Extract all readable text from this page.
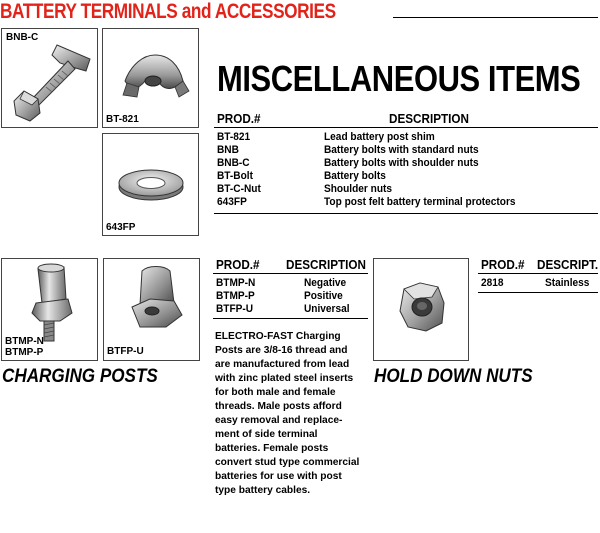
BATTERY TERMINALS and ACCESSORIES
BNB-C
BT-821
643FP
MISCELLANEOUS ITEMS
PROD.#	DESCRIPTION
BT-821	Lead battery post shim
BNB	Battery bolts with standard nuts
BNB-C	Battery bolts with shoulder nuts
BT-Bolt	Battery bolts
BT-C-Nut	Shoulder nuts
643FP	Top post felt battery terminal protectors
BTMP-N
BTMP-P	BTFP-U
PROD.# DESCRIPTION
BTMP-N	Negative
BTMP-P	Positive
BTFP-U	Universal
ELECTRO-FAST Charging
Posts are 3/8-16 thread and
are manufactured from lead
with zinc plated steel inserts
for both male and female
threads. Male posts afford
easy removal and replace-
ment of side terminal
batteries. Female posts
convert stud type commercial
batteries for use with post
type battery cables.
CHARGING POSTS
PROD.# DESCRIPT.
2818	Stainless
HOLD DOWN NUTS
